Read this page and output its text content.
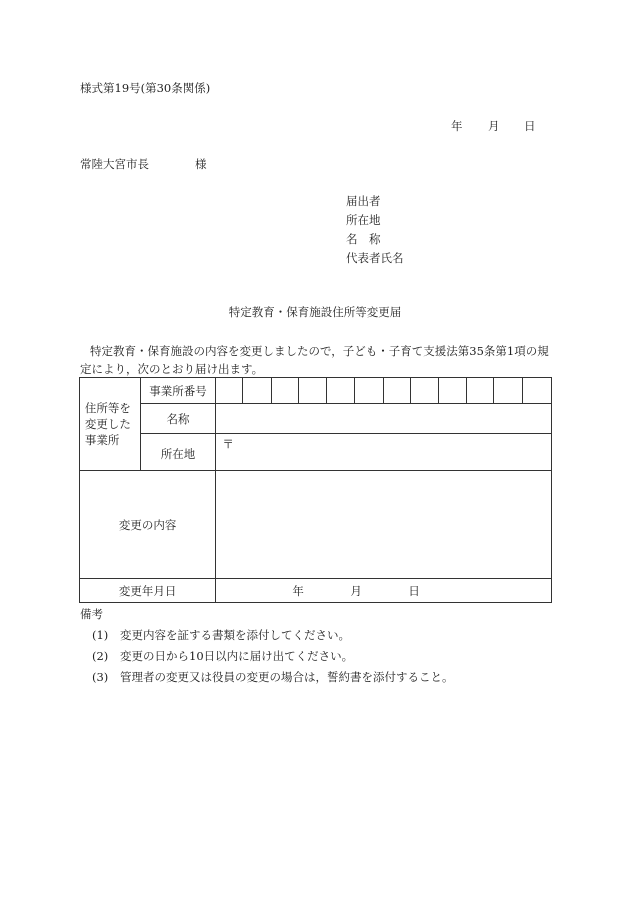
様式第19号(第30条関係)
年 月 日
常陸大宮市長	様
届出者
所在地
名　称
代表者氏名
特定教育・保育施設住所等変更届
特定教育・保育施設の内容を変更しましたので，子ども・子育て支援法第35条第1項の規定により，次のとおり届け出ます。
住所等を変更した事業所	事業所番号												
	名称												
	所在地	〒											
変更の内容													
変更年月日		年 月 日											
備考
(1) 変更内容を証する書類を添付してください。
(2) 変更の日から10日以内に届け出てください。
(3) 管理者の変更又は役員の変更の場合は，誓約書を添付すること。
